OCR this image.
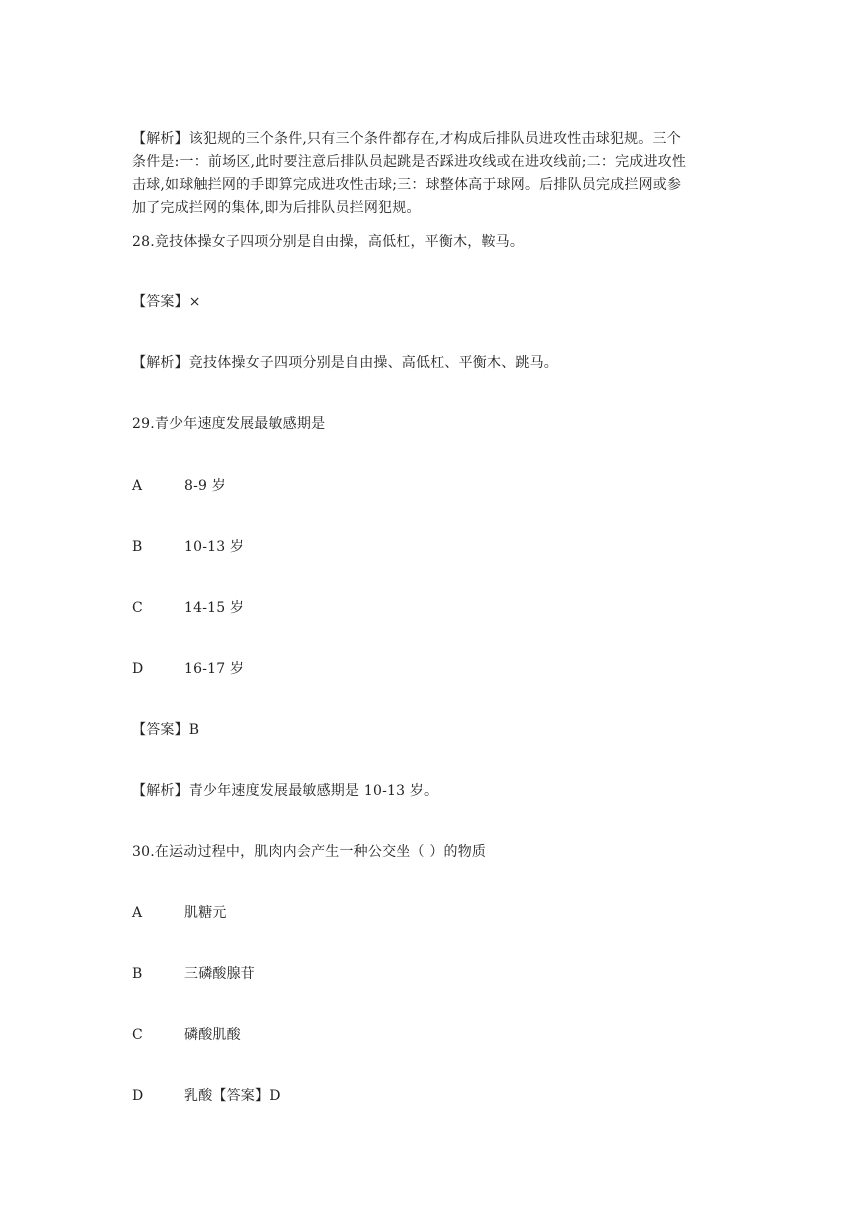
【解析】该犯规的三个条件,只有三个条件都存在,才构成后排队员进攻性击球犯规。三个
条件是:一：前场区,此时要注意后排队员起跳是否踩进攻线或在进攻线前;二：完成进攻性
击球,如球触拦网的手即算完成进攻性击球;三：球整体高于球网。后排队员完成拦网或参
加了完成拦网的集体,即为后排队员拦网犯规。
28.竞技体操女子四项分别是自由操，高低杠，平衡木，鞍马。
【答案】×
【解析】竞技体操女子四项分别是自由操、高低杠、平衡木、跳马。
29.青少年速度发展最敏感期是
A	8-9 岁
B	10-13 岁
C	14-15 岁
D	16-17 岁
【答案】B
【解析】青少年速度发展最敏感期是 10-13 岁。
30.在运动过程中，肌肉内会产生一种公交坐（ ）的物质
A	肌糖元
B	三磷酸腺苷
C	磷酸肌酸
D	乳酸【答案】D
